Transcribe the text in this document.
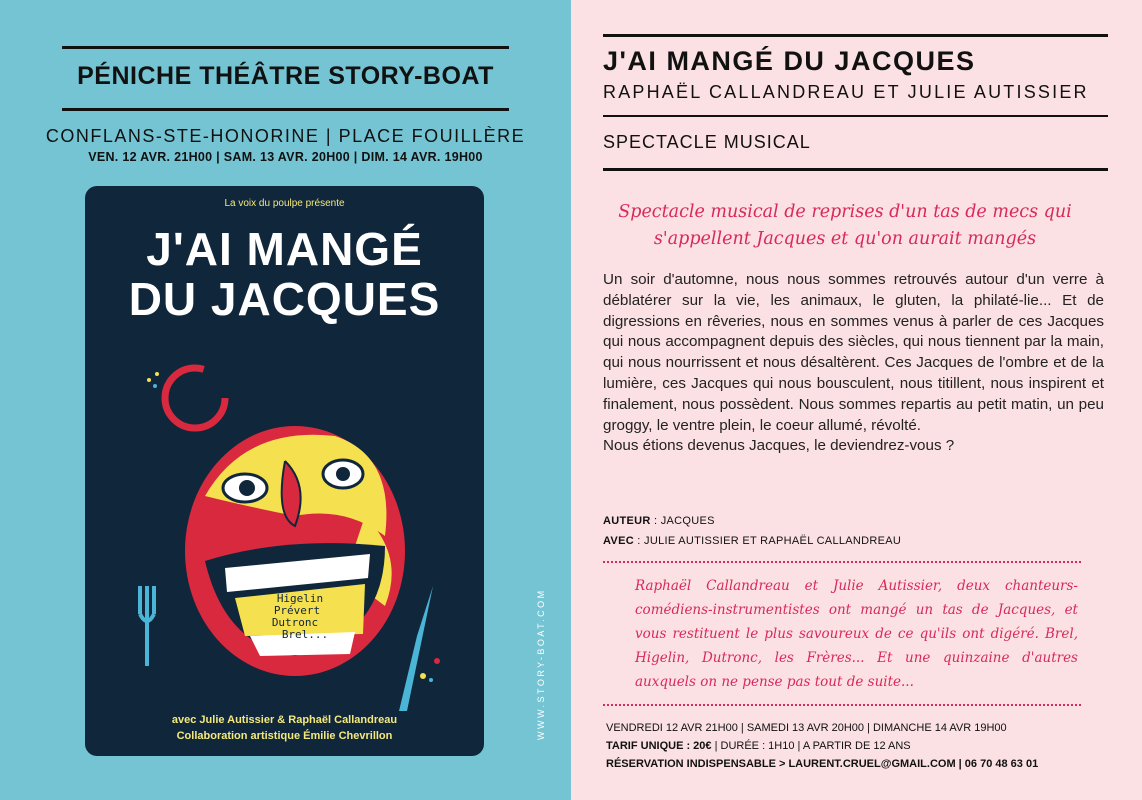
PÉNICHE THÉÂTRE STORY-BOAT
CONFLANS-STE-HONORINE | PLACE FOUILLÈRE
VEN. 12 AVR. 21H00 | SAM. 13 AVR. 20H00 | DIM. 14 AVR. 19H00
La voix du poulpe présente
J'AI MANGÉ
DU JACQUES
Higelin
Prévert
Dutronc
Brel...
avec Julie Autissier & Raphaël Callandreau
Collaboration artistique Émilie Chevrillon	WWW.STORY-BOAT.COM
J'AI MANGÉ DU JACQUES
RAPHAËL CALLANDREAU ET JULIE AUTISSIER
SPECTACLE MUSICAL
Spectacle musical de reprises d'un tas de mecs qui s'appellent Jacques et qu'on aurait mangés

Un soir d'automne, nous nous sommes retrouvés autour d'un verre à déblatérer sur la vie, les animaux, le gluten, la philaté-lie... Et de digressions en rêveries, nous en sommes venus à parler de ces Jacques qui nous accompagnent depuis des siècles, qui nous tiennent par la main, qui nous nourrissent et nous désaltèrent. Ces Jacques de l'ombre et de la lumière, ces Jacques qui nous bousculent, nous titillent, nous inspirent et finalement, nous possèdent. Nous sommes repartis au petit matin, un peu groggy, le ventre plein, le coeur allumé, révolté.

Nous étions devenus Jacques, le deviendrez-vous ?

AUTEUR : JACQUES
AVEC : JULIE AUTISSIER ET RAPHAËL CALLANDREAU
Raphaël Callandreau et Julie Autissier, deux chanteurs-comédiens-instrumentistes ont mangé un tas de Jacques, et vous restituent le plus savoureux de ce qu'ils ont digéré. Brel, Higelin, Dutronc, les Frères... Et une quinzaine d'autres auxquels on ne pense pas tout de suite...
VENDREDI 12 AVR 21H00 | SAMEDI 13 AVR 20H00 | DIMANCHE 14 AVR 19H00
TARIF UNIQUE : 20€ | DURÉE : 1H10 | A PARTIR DE 12 ANS
RÉSERVATION INDISPENSABLE > LAURENT.CRUEL@GMAIL.COM | 06 70 48 63 01
